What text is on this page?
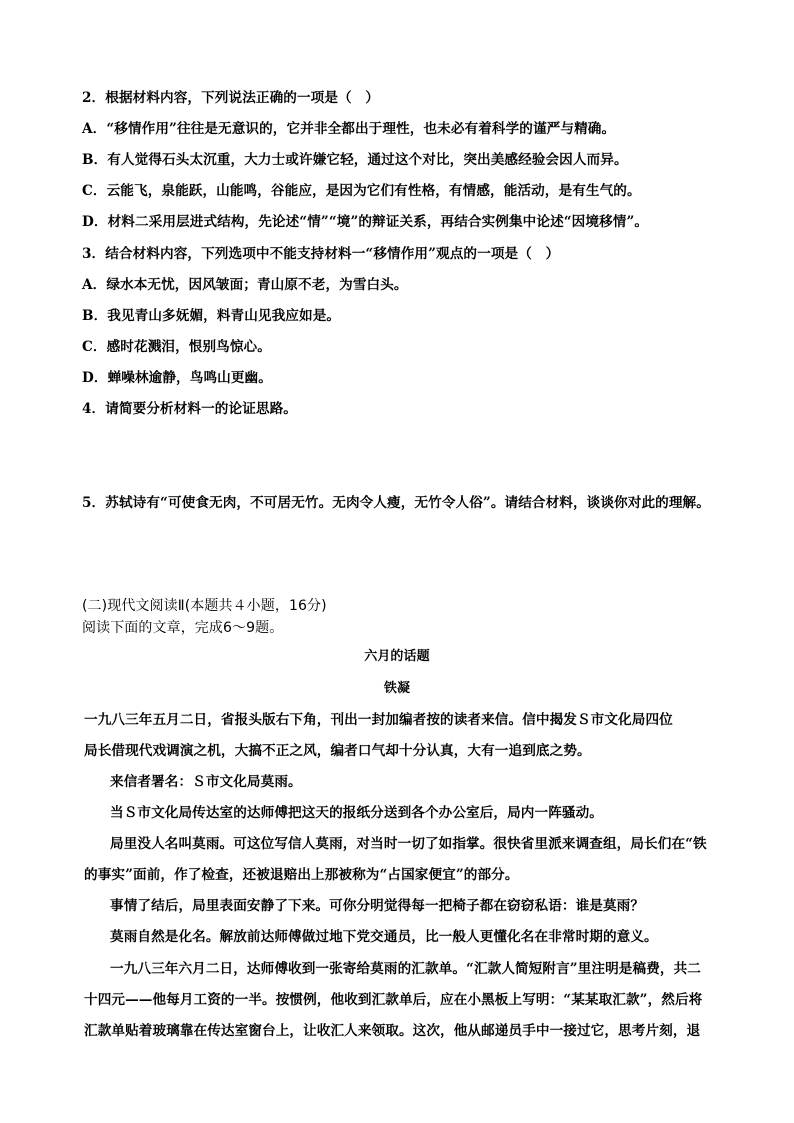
2．根据材料内容，下列说法正确的一项是（　）
A．“移情作用”往往是无意识的，它并非全都出于理性，也未必有着科学的谨严与精确。
B．有人觉得石头太沉重，大力士或许嫌它轻，通过这个对比，突出美感经验会因人而异。
C．云能飞，泉能跃，山能鸣，谷能应，是因为它们有性格，有情感，能活动，是有生气的。
D．材料二采用层进式结构，先论述“情”“境”的辩证关系，再结合实例集中论述“因境移情”。
3．结合材料内容，下列选项中不能支持材料一“移情作用”观点的一项是（　）
A．绿水本无忧，因风皱面；青山原不老，为雪白头。
B．我见青山多妩媚，料青山见我应如是。
C．感时花溅泪，恨别鸟惊心。
D．蝉噪林逾静，鸟鸣山更幽。
4．请简要分析材料一的论证思路。
5．苏轼诗有“可使食无肉，不可居无竹。无肉令人瘦，无竹令人俗”。请结合材料，谈谈你对此的理解。
(二)现代文阅读Ⅱ(本题共４小题，16分)
阅读下面的文章，完成6～9题。
六月的话题
铁凝
一九八三年五月二日，省报头版右下角，刊出一封加编者按的读者来信。信中揭发Ｓ市文化局四位
局长借现代戏调演之机，大搞不正之风，编者口气却十分认真，大有一追到底之势。
来信者署名：Ｓ市文化局莫雨。
当Ｓ市文化局传达室的达师傅把这天的报纸分送到各个办公室后，局内一阵骚动。
局里没人名叫莫雨。可这位写信人莫雨，对当时一切了如指掌。很快省里派来调查组，局长们在“铁
的事实”面前，作了检查，还被退赔出上那被称为“占国家便宜”的部分。
事情了结后，局里表面安静了下来。可你分明觉得每一把椅子都在窃窃私语：谁是莫雨？
莫雨自然是化名。解放前达师傅做过地下党交通员，比一般人更懂化名在非常时期的意义。
一九八三年六月二日，达师傅收到一张寄给莫雨的汇款单。“汇款人简短附言”里注明是稿费，共二
十四元——他每月工资的一半。按惯例，他收到汇款单后，应在小黑板上写明：“某某取汇款”，然后将
汇款单贴着玻璃靠在传达室窗台上，让收汇人来领取。这次，他从邮递员手中一接过它，思考片刻，退
